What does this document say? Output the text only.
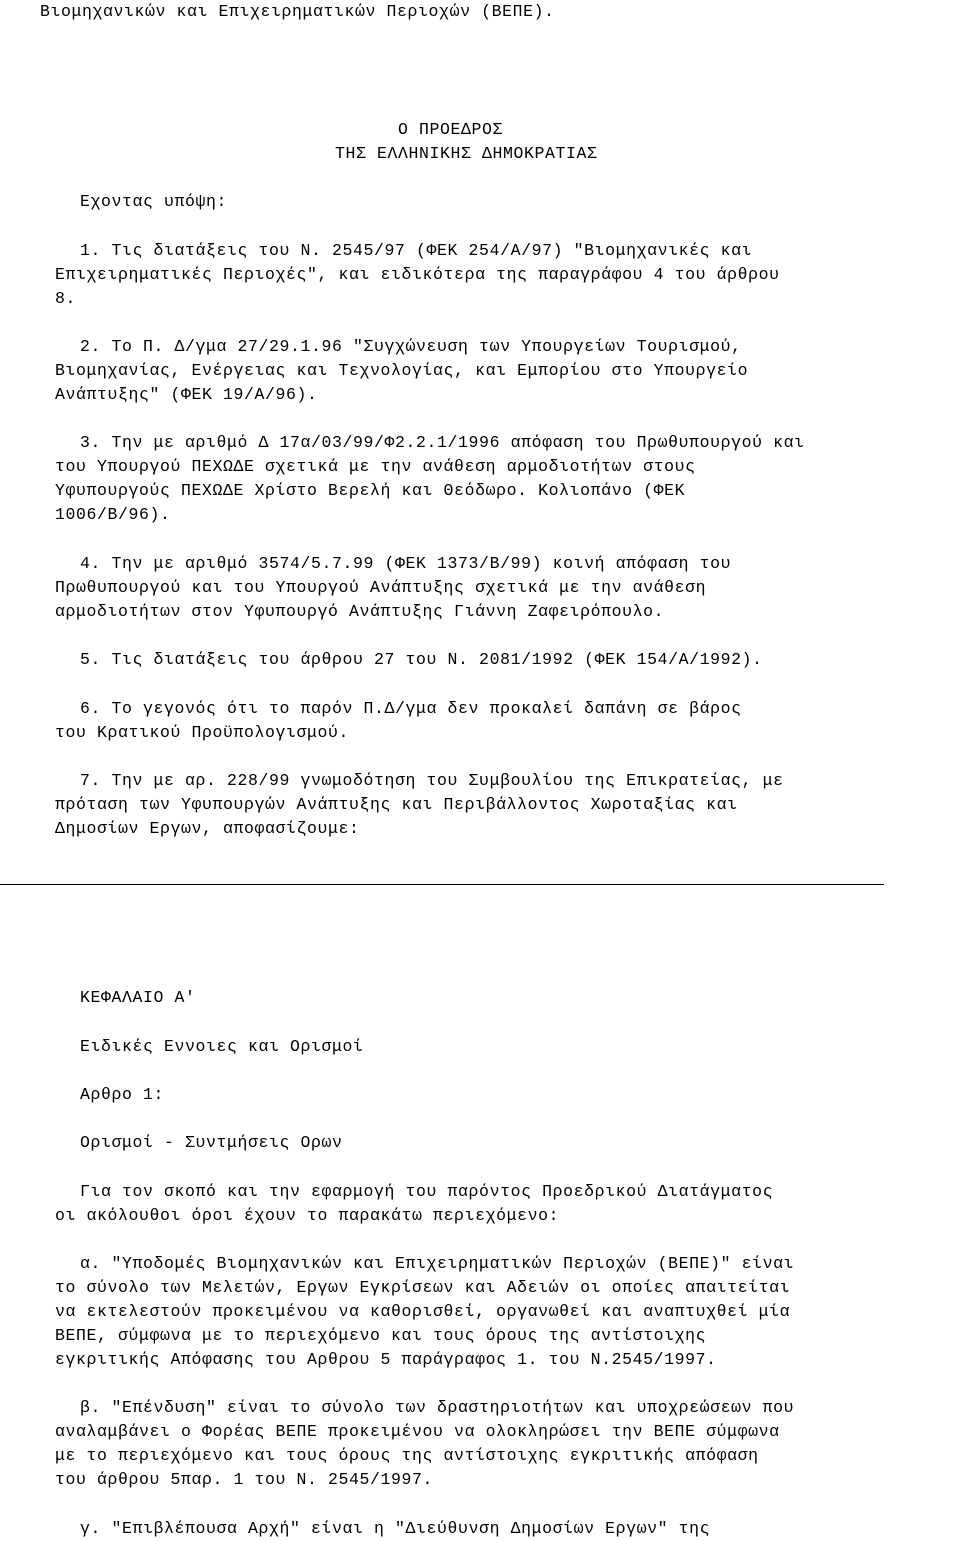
Βιομηχανικών και Επιχειρηματικών Περιοχών (ΒΕΠΕ).

Ο ΠΡΟΕΔΡΟΣ

ΤΗΣ ΕΛΛΗΝΙΚΗΣ ΔΗΜΟΚΡΑΤΙΑΣ

Εχοντας υπόψη:

1. Τις διατάξεις του Ν. 2545/97 (ΦΕΚ 254/Α/97) "Βιομηχανικές και

Επιχειρηματικές Περιοχές", και ειδικότερα της παραγράφου 4 του άρθρου

8.

2. Το Π. Δ/γμα 27/29.1.96 "Συγχώνευση των Υπουργείων Τουρισμού,

Βιομηχανίας, Ενέργειας και Τεχνολογίας, και Εμπορίου στο Υπουργείο

Ανάπτυξης" (ΦΕΚ 19/Α/96).

3. Την με αριθμό Δ 17α/03/99/Φ2.2.1/1996 απόφαση του Πρωθυπουργού και

του Υπουργού ΠΕΧΩΔΕ σχετικά με την ανάθεση αρμοδιοτήτων στους

Υφυπουργούς ΠΕΧΩΔΕ Χρίστο Βερελή και Θεόδωρο. Κολιοπάνο (ΦΕΚ

1006/Β/96).

4. Την με αριθμό 3574/5.7.99 (ΦΕΚ 1373/Β/99) κοινή απόφαση του

Πρωθυπουργού και του Υπουργού Ανάπτυξης σχετικά με την ανάθεση

αρμοδιοτήτων στον Υφυπουργό Ανάπτυξης Γιάννη Ζαφειρόπουλο.

5. Τις διατάξεις του άρθρου 27 του Ν. 2081/1992 (ΦΕΚ 154/Α/1992).

6. Το γεγονός ότι το παρόν Π.Δ/γμα δεν προκαλεί δαπάνη σε βάρος

του Κρατικού Προϋπολογισμού.

7. Την με αρ. 228/99 γνωμοδότηση του Συμβουλίου της Επικρατείας, με

πρόταση των Υφυπουργών Ανάπτυξης και Περιβάλλοντος Χωροταξίας και

Δημοσίων Εργων, αποφασίζουμε:

ΚΕΦΑΛΑΙΟ Α'

Ειδικές Εννοιες και Ορισμοί

Αρθρο 1:

Ορισμοί - Συντμήσεις Ορων

Για τον σκοπό και την εφαρμογή του παρόντος Προεδρικού Διατάγματος

οι ακόλουθοι όροι έχουν το παρακάτω περιεχόμενο:

α. "Υποδομές Βιομηχανικών και Επιχειρηματικών Περιοχών (ΒΕΠΕ)" είναι

το σύνολο των Μελετών, Εργων Εγκρίσεων και Αδειών οι οποίες απαιτείται

να εκτελεστούν προκειμένου να καθορισθεί, οργανωθεί και αναπτυχθεί μία

ΒΕΠΕ, σύμφωνα με το περιεχόμενο και τους όρους της αντίστοιχης

εγκριτικής Απόφασης του Αρθρου 5 παράγραφος 1. του Ν.2545/1997.

β. "Επένδυση" είναι το σύνολο των δραστηριοτήτων και υποχρεώσεων που

αναλαμβάνει ο Φορέας ΒΕΠΕ προκειμένου να ολοκληρώσει την ΒΕΠΕ σύμφωνα

με το περιεχόμενο και τους όρους της αντίστοιχης εγκριτικής απόφαση

του άρθρου 5παρ. 1 του Ν. 2545/1997.

γ. "Επιβλέπουσα Αρχή" είναι η "Διεύθυνση Δημοσίων Εργων" της
